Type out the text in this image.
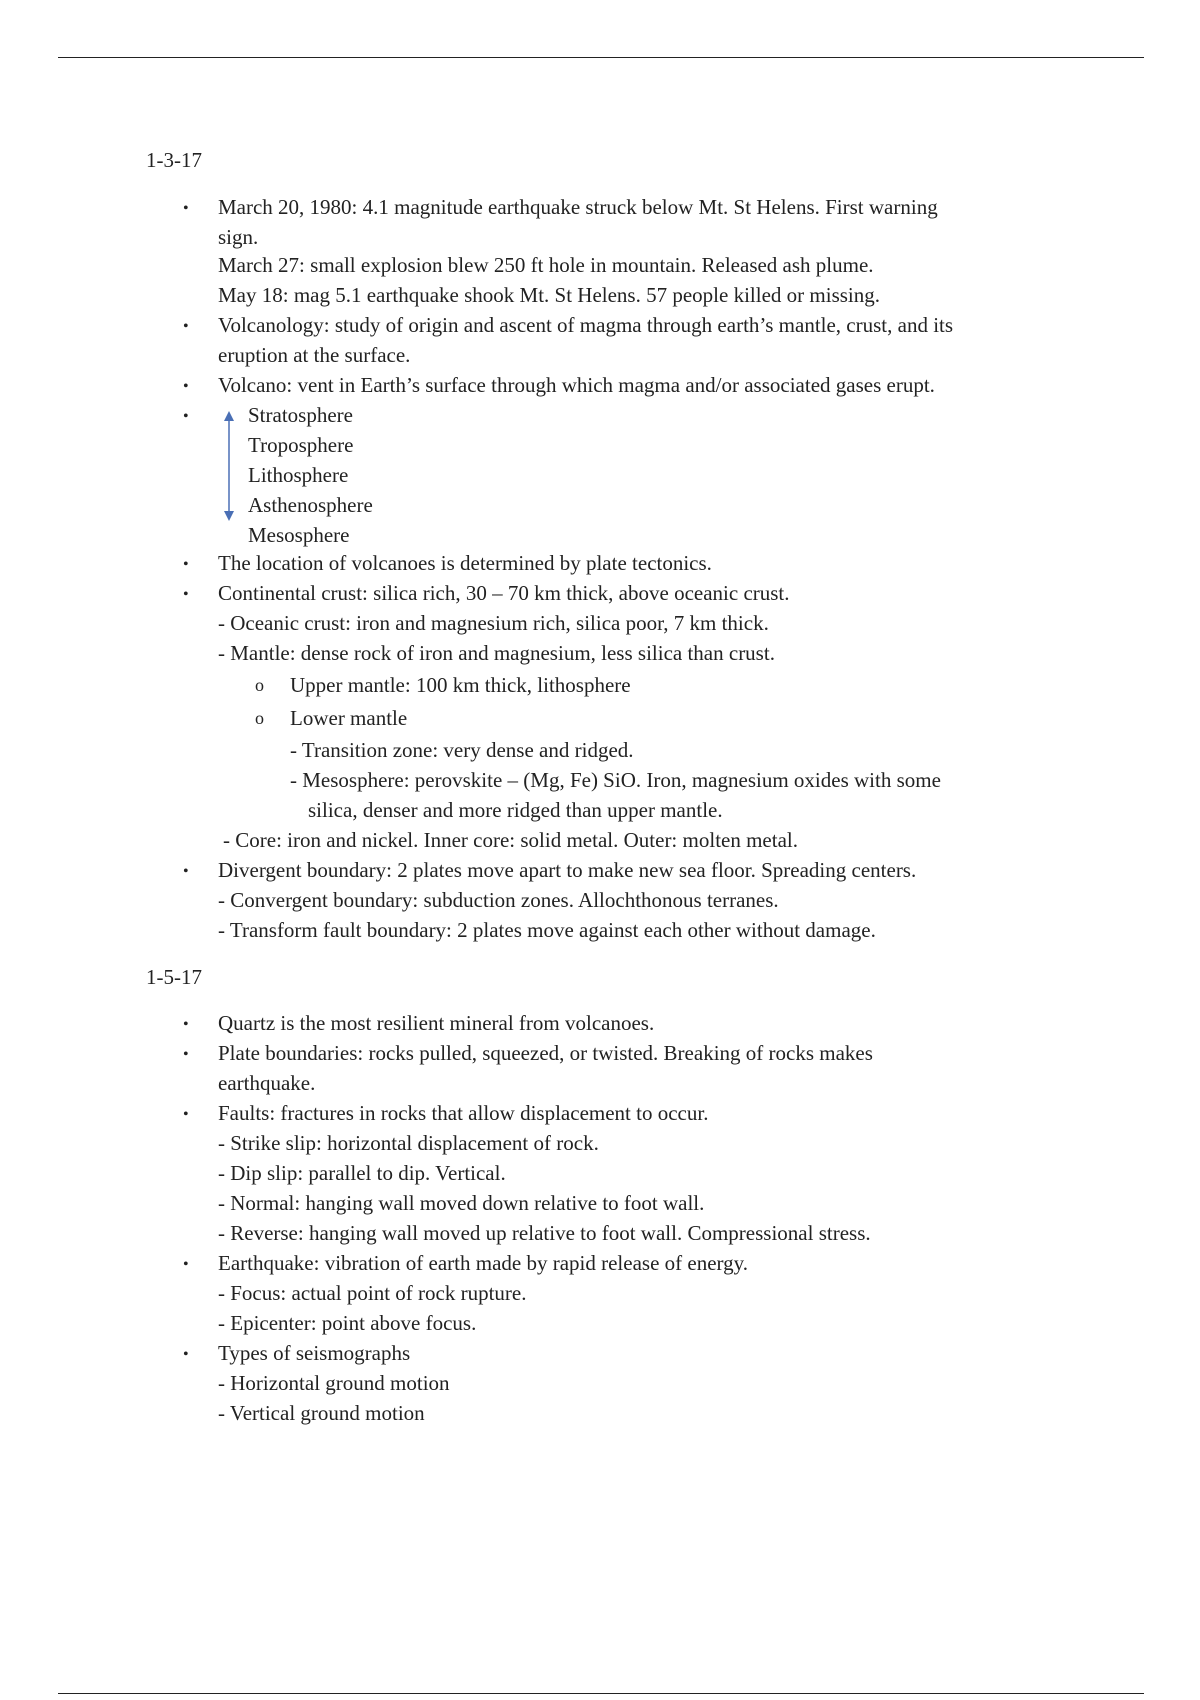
1-3-17
• March 20, 1980: 4.1 magnitude earthquake struck below Mt. St Helens. First warning
sign.
March 27: small explosion blew 250 ft hole in mountain. Released ash plume.
May 18: mag 5.1 earthquake shook Mt. St Helens. 57 people killed or missing.
• Volcanology: study of origin and ascent of magma through earth’s mantle, crust, and its
eruption at the surface.
• Volcano: vent in Earth’s surface through which magma and/or associated gases erupt.
•	Stratosphere
Troposphere
Lithosphere
Asthenosphere
Mesosphere
• The location of volcanoes is determined by plate tectonics.
• Continental crust: silica rich, 30 – 70 km thick, above oceanic crust.
- Oceanic crust: iron and magnesium rich, silica poor, 7 km thick.
- Mantle: dense rock of iron and magnesium, less silica than crust.
o Upper mantle: 100 km thick, lithosphere
o Lower mantle
- Transition zone: very dense and ridged.
- Mesosphere: perovskite – (Mg, Fe) SiO. Iron, magnesium oxides with some
silica, denser and more ridged than upper mantle.
- Core: iron and nickel. Inner core: solid metal. Outer: molten metal.
• Divergent boundary: 2 plates move apart to make new sea floor. Spreading centers.
- Convergent boundary: subduction zones. Allochthonous terranes.
- Transform fault boundary: 2 plates move against each other without damage.
1-5-17
• Quartz is the most resilient mineral from volcanoes.
• Plate boundaries: rocks pulled, squeezed, or twisted. Breaking of rocks makes
earthquake.
• Faults: fractures in rocks that allow displacement to occur.
- Strike slip: horizontal displacement of rock.
- Dip slip: parallel to dip. Vertical.
- Normal: hanging wall moved down relative to foot wall.
- Reverse: hanging wall moved up relative to foot wall. Compressional stress.
• Earthquake: vibration of earth made by rapid release of energy.
- Focus: actual point of rock rupture.
- Epicenter: point above focus.
• Types of seismographs
- Horizontal ground motion
- Vertical ground motion
